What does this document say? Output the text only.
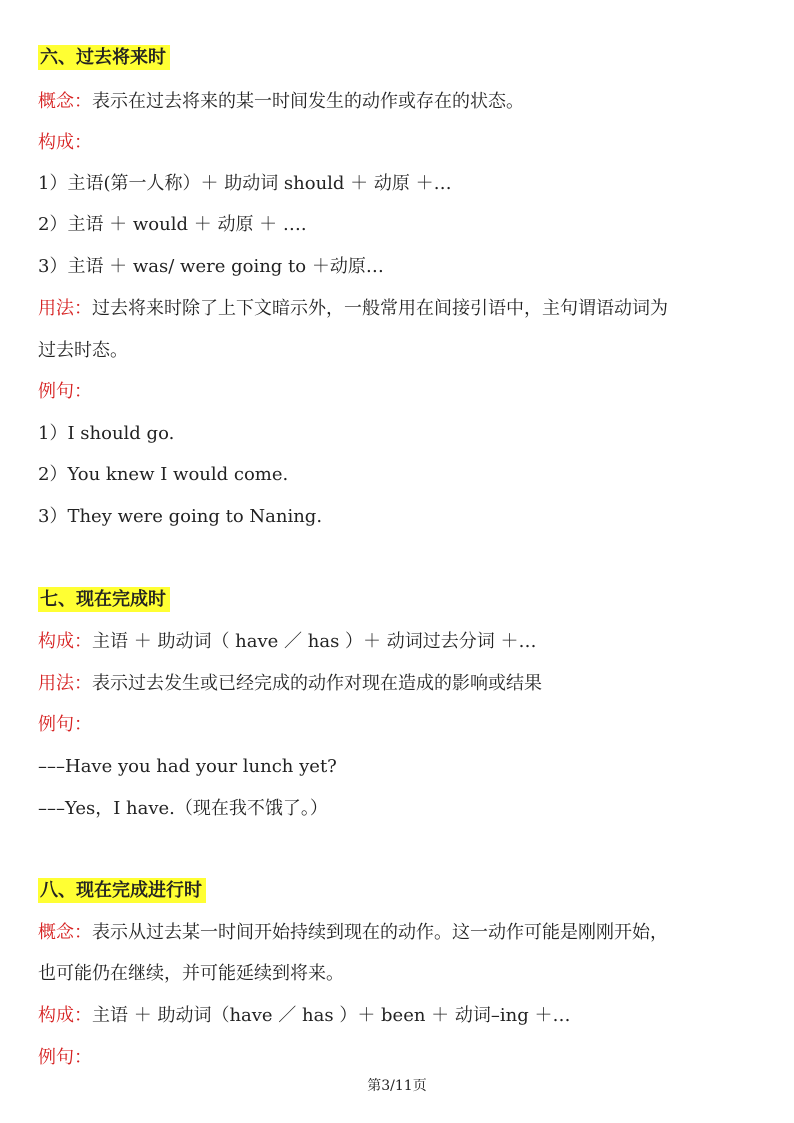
六、过去将来时
概念：表示在过去将来的某一时间发生的动作或存在的状态。
构成：
1）主语(第一人称）＋ 助动词 should ＋ 动原 ＋…
2）主语 ＋ would ＋ 动原 ＋ ….
3）主语 ＋ was/ were going to ＋动原…
用法：过去将来时除了上下文暗示外，一般常用在间接引语中，主句谓语动词为
过去时态。
例句：
1）I should go.
2）You knew I would come.
3）They were going to Naning.
七、现在完成时
构成：主语 ＋ 助动词（ have ／ has ）＋ 动词过去分词 ＋…
用法：表示过去发生或已经完成的动作对现在造成的影响或结果
例句：
–––Have you had your lunch yet?
–––Yes，I have.（现在我不饿了。）
八、现在完成进行时
概念：表示从过去某一时间开始持续到现在的动作。这一动作可能是刚刚开始，
也可能仍在继续，并可能延续到将来。
构成：主语 ＋ 助动词（have ／ has ）＋ been ＋ 动词–ing ＋…
例句：
第3/11页
